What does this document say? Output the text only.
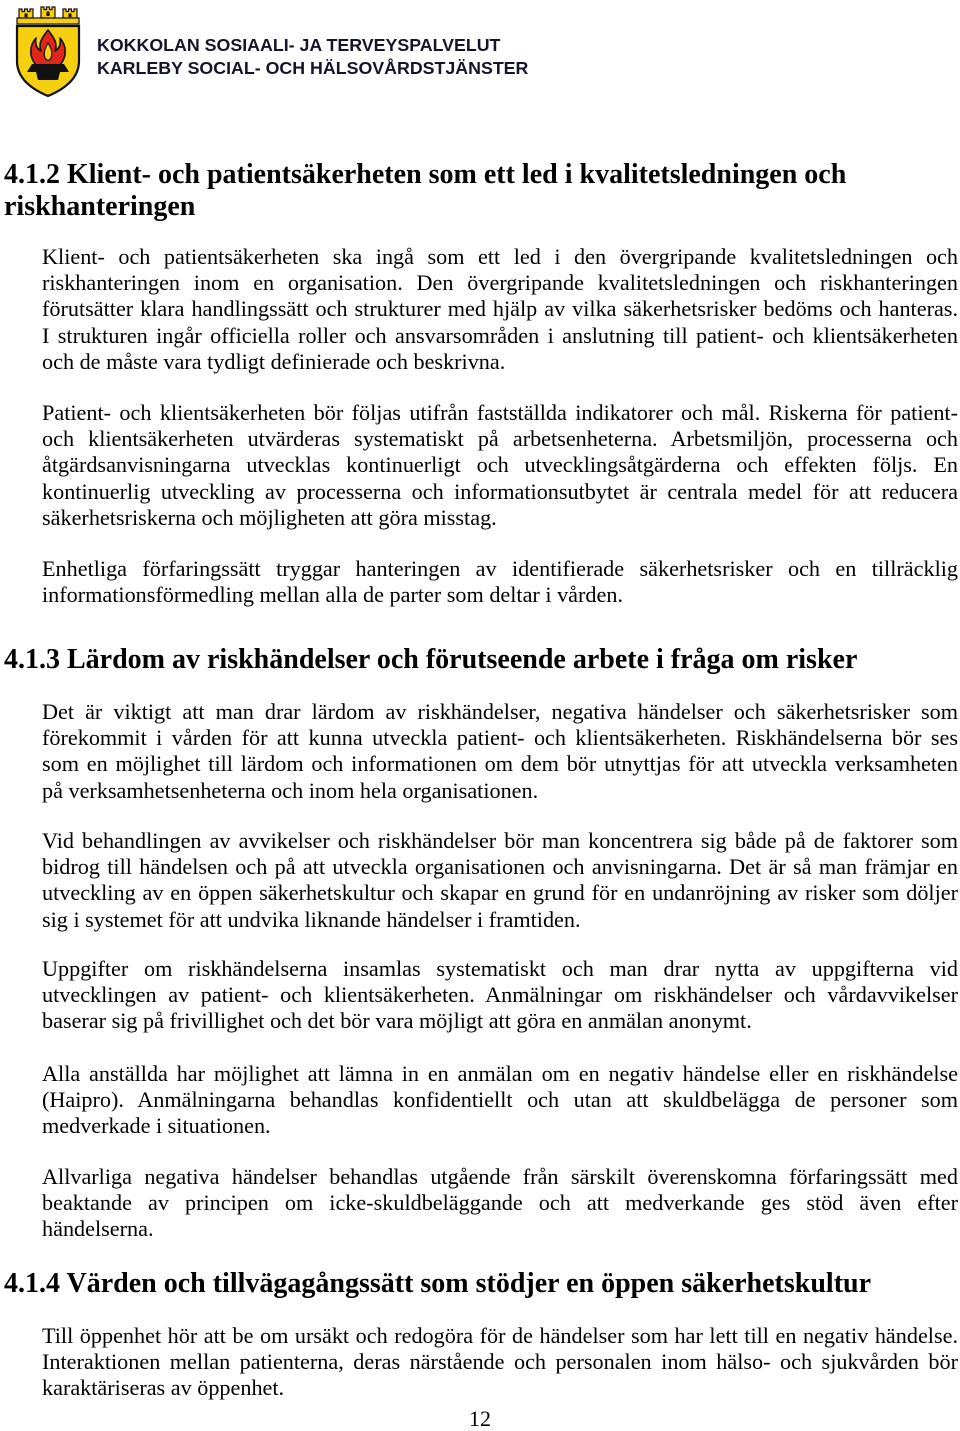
KOKKOLAN SOSIAALI- JA TERVEYSPALVELUT
KARLEBY SOCIAL- OCH HÄLSOVÅRDSTJÄNSTER
4.1.2 Klient- och patientsäkerheten som ett led i kvalitetsledningen och riskhanteringen
Klient- och patientsäkerheten ska ingå som ett led i den övergripande kvalitetsledningen och
riskhanteringen inom en organisation. Den övergripande kvalitetsledningen och riskhanteringen
förutsätter klara handlingssätt och strukturer med hjälp av vilka säkerhetsrisker bedöms och hanteras.
I strukturen ingår officiella roller och ansvarsområden i anslutning till patient- och klientsäkerheten
och de måste vara tydligt definierade och beskrivna.
Patient- och klientsäkerheten bör följas utifrån fastställda indikatorer och mål. Riskerna för patient-
och klientsäkerheten utvärderas systematiskt på arbetsenheterna. Arbetsmiljön, processerna och
åtgärdsanvisningarna utvecklas kontinuerligt och utvecklingsåtgärderna och effekten följs. En
kontinuerlig utveckling av processerna och informationsutbytet är centrala medel för att reducera
säkerhetsriskerna och möjligheten att göra misstag.
Enhetliga förfaringssätt tryggar hanteringen av identifierade säkerhetsrisker och en tillräcklig
informationsförmedling mellan alla de parter som deltar i vården.
4.1.3 Lärdom av riskhändelser och förutseende arbete i fråga om risker
Det är viktigt att man drar lärdom av riskhändelser, negativa händelser och säkerhetsrisker som
förekommit i vården för att kunna utveckla patient- och klientsäkerheten. Riskhändelserna bör ses
som en möjlighet till lärdom och informationen om dem bör utnyttjas för att utveckla verksamheten
på verksamhetsenheterna och inom hela organisationen.
Vid behandlingen av avvikelser och riskhändelser bör man koncentrera sig både på de faktorer som
bidrog till händelsen och på att utveckla organisationen och anvisningarna. Det är så man främjar en
utveckling av en öppen säkerhetskultur och skapar en grund för en undanröjning av risker som döljer
sig i systemet för att undvika liknande händelser i framtiden.
Uppgifter om riskhändelserna insamlas systematiskt och man drar nytta av uppgifterna vid
utvecklingen av patient- och klientsäkerheten. Anmälningar om riskhändelser och vårdavvikelser
baserar sig på frivillighet och det bör vara möjligt att göra en anmälan anonymt.
Alla anställda har möjlighet att lämna in en anmälan om en negativ händelse eller en riskhändelse
(Haipro). Anmälningarna behandlas konfidentiellt och utan att skuldbelägga de personer som
medverkade i situationen.
Allvarliga negativa händelser behandlas utgående från särskilt överenskomna förfaringssätt med
beaktande av principen om icke-skuldbeläggande och att medverkande ges stöd även efter
händelserna.
4.1.4 Värden och tillvägagångssätt som stödjer en öppen säkerhetskultur
Till öppenhet hör att be om ursäkt och redogöra för de händelser som har lett till en negativ händelse.
Interaktionen mellan patienterna, deras närstående och personalen inom hälso- och sjukvården bör
karaktäriseras av öppenhet.
12
